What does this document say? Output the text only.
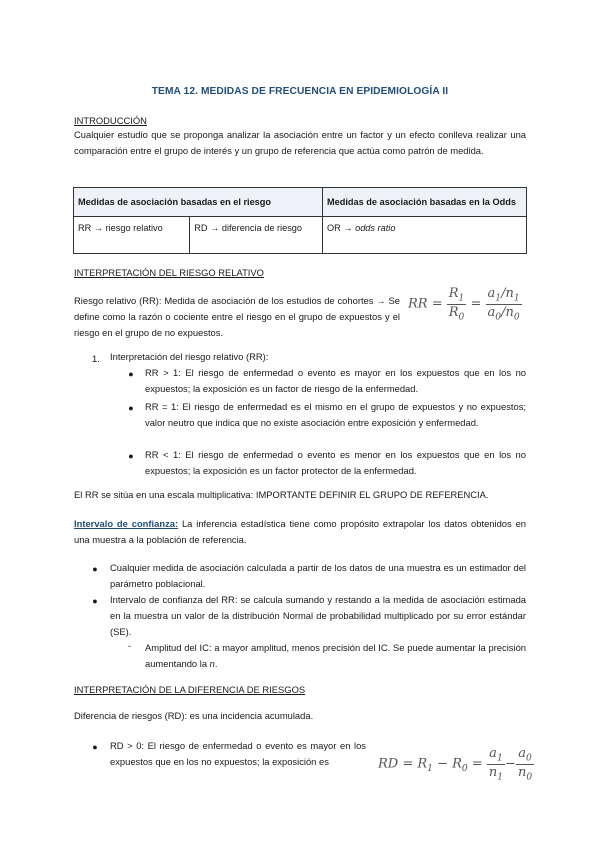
TEMA 12. MEDIDAS DE FRECUENCIA EN EPIDEMIOLOGÍA II
INTRODUCCIÓN
Cualquier estudio que se proponga analizar la asociación entre un factor y un efecto conlleva realizar una comparación entre el grupo de interés y un grupo de referencia que actúa como patrón de medida.
Medidas de asociación basadas en el riesgo		Medidas de asociación basadas en la Odds
RR → riesgo relativo	RD → diferencia de riesgo	OR → odds ratio
INTERPRETACIÓN DEL RIESGO RELATIVO
Riesgo relativo (RR): Medida de asociación de los estudios de cohortes → Se define como la razón o cociente entre el riesgo en el grupo de expuestos y el riesgo en el grupo de no expuestos.
RR = $\frac{R_1}{R_0} = \frac{a_1/n_1}{a_0/n_0}$
1. Interpretación del riesgo relativo (RR):
● RR > 1: El riesgo de enfermedad o evento es mayor en los expuestos que en los no expuestos; la exposición es un factor de riesgo de la enfermedad.
● RR = 1: El riesgo de enfermedad es el mismo en el grupo de expuestos y no expuestos; valor neutro que indica que no existe asociación entre exposición y enfermedad.
● RR < 1: El riesgo de enfermedad o evento es menor en los expuestos que en los no expuestos; la exposición es un factor protector de la enfermedad.
El RR se sitúa en una escala multiplicativa: IMPORTANTE DEFINIR EL GRUPO DE REFERENCIA.
Intervalo de confianza: La inferencia estadística tiene como propósito extrapolar los datos obtenidos en una muestra a la población de referencia.
● Cualquier medida de asociación calculada a partir de los datos de una muestra es un estimador del parámetro poblacional.
● Intervalo de confianza del RR: se calcula sumando y restando a la medida de asociación estimada en la muestra un valor de la distribución Normal de probabilidad multiplicado por su error estándar (SE).
- Amplitud del IC: a mayor amplitud, menos precisión del IC. Se puede aumentar la precisión aumentando la n.
INTERPRETACIÓN DE LA DIFERENCIA DE RIESGOS
Diferencia de riesgos (RD): es una incidencia acumulada.
● RD > 0: El riesgo de enfermedad o evento es mayor en los expuestos que en los no expuestos; la exposición es	RD = $R_1 - R_0 = \frac{a_1}{n_1} - \frac{a_0}{n_0}$
